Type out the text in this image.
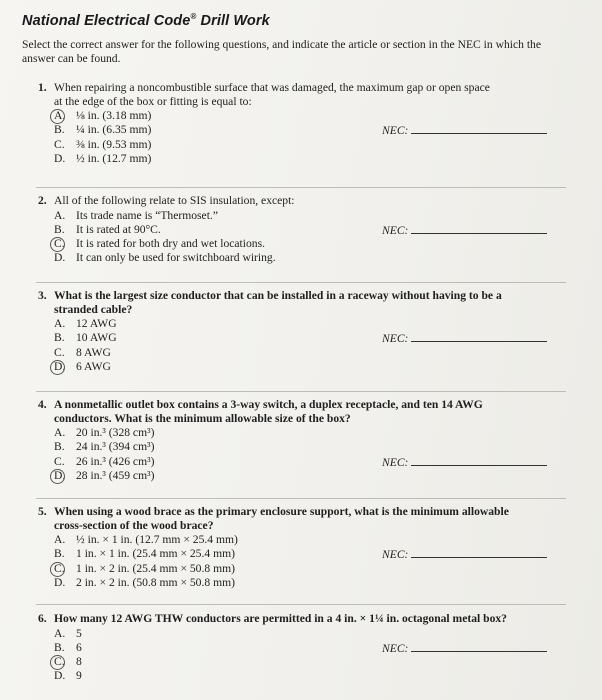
National Electrical Code® Drill Work
Select the correct answer for the following questions, and indicate the article or section in the NEC in which the answer can be found.
1. When repairing a noncombustible surface that was damaged, the maximum gap or open space
at the edge of the box or fitting is equal to:
A. ⅛ in. (3.18 mm)
B. ¼ in. (6.35 mm)	NEC:
C. ⅜ in. (9.53 mm)
D. ½ in. (12.7 mm)
2. All of the following relate to SIS insulation, except:
A. Its trade name is “Thermoset.”
B. It is rated at 90°C.	NEC:
C. It is rated for both dry and wet locations.
D. It can only be used for switchboard wiring.
3. What is the largest size conductor that can be installed in a raceway without having to be a
stranded cable?
A. 12 AWG
B. 10 AWG	NEC:
C. 8 AWG
D. 6 AWG
4. A nonmetallic outlet box contains a 3-way switch, a duplex receptacle, and ten 14 AWG
conductors. What is the minimum allowable size of the box?
A. 20 in.³ (328 cm³)
B. 24 in.³ (394 cm³)
C. 26 in.³ (426 cm³)	NEC:
D. 28 in.³ (459 cm³)
5. When using a wood brace as the primary enclosure support, what is the minimum allowable
cross-section of the wood brace?
A. ½ in. × 1 in. (12.7 mm × 25.4 mm)
B. 1 in. × 1 in. (25.4 mm × 25.4 mm)	NEC:
C. 1 in. × 2 in. (25.4 mm × 50.8 mm)
D. 2 in. × 2 in. (50.8 mm × 50.8 mm)
6. How many 12 AWG THW conductors are permitted in a 4 in. × 1¼ in. octagonal metal box?
A. 5
B. 6	NEC:
C. 8
D. 9
